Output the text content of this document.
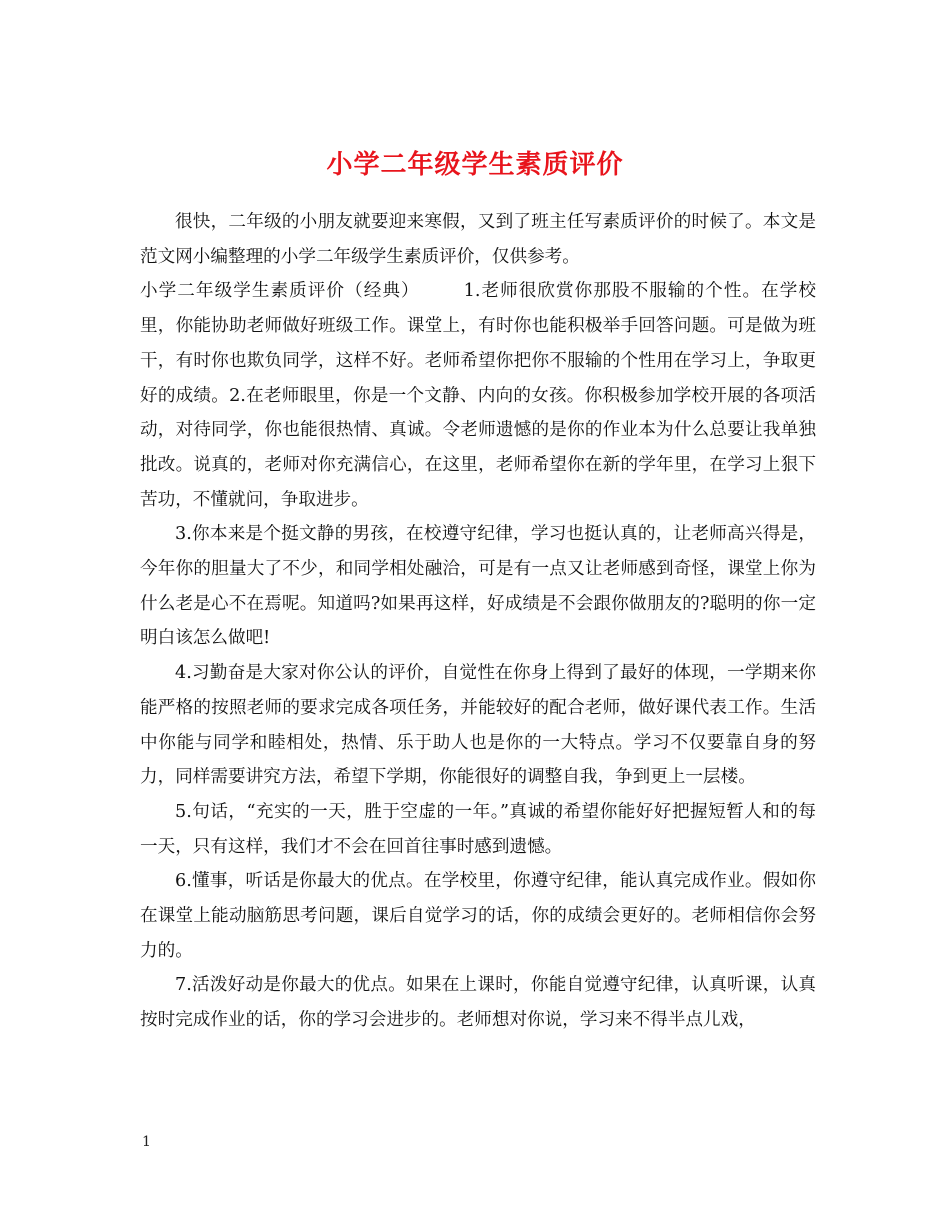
小学二年级学生素质评价

很快，二年级的小朋友就要迎来寒假，又到了班主任写素质评价的时候了。本文是范文网小编整理的小学二年级学生素质评价，仅供参考。

小学二年级学生素质评价（经典）	1.老师很欣赏你那股不服输的个性。在学校里，你能协助老师做好班级工作。课堂上，有时你也能积极举手回答问题。可是做为班干，有时你也欺负同学，这样不好。老师希望你把你不服输的个性用在学习上，争取更好的成绩。2.在老师眼里，你是一个文静、内向的女孩。你积极参加学校开展的各项活动，对待同学，你也能很热情、真诚。令老师遗憾的是你的作业本为什么总要让我单独批改。说真的，老师对你充满信心，在这里，老师希望你在新的学年里，在学习上狠下苦功，不懂就问，争取进步。

3.你本来是个挺文静的男孩，在校遵守纪律，学习也挺认真的，让老师高兴得是，今年你的胆量大了不少，和同学相处融洽，可是有一点又让老师感到奇怪，课堂上你为什么老是心不在焉呢。知道吗?如果再这样，好成绩是不会跟你做朋友的?聪明的你一定明白该怎么做吧!

4.习勤奋是大家对你公认的评价，自觉性在你身上得到了最好的体现，一学期来你能严格的按照老师的要求完成各项任务，并能较好的配合老师，做好课代表工作。生活中你能与同学和睦相处，热情、乐于助人也是你的一大特点。学习不仅要靠自身的努力，同样需要讲究方法，希望下学期，你能很好的调整自我，争到更上一层楼。

5.句话，“充实的一天，胜于空虚的一年。”真诚的希望你能好好把握短暂人和的每一天，只有这样，我们才不会在回首往事时感到遗憾。

6.懂事，听话是你最大的优点。在学校里，你遵守纪律，能认真完成作业。假如你在课堂上能动脑筋思考问题，课后自觉学习的话，你的成绩会更好的。老师相信你会努力的。

7.活泼好动是你最大的优点。如果在上课时，你能自觉遵守纪律，认真听课，认真按时完成作业的话，你的学习会进步的。老师想对你说，学习来不得半点儿戏，

1
